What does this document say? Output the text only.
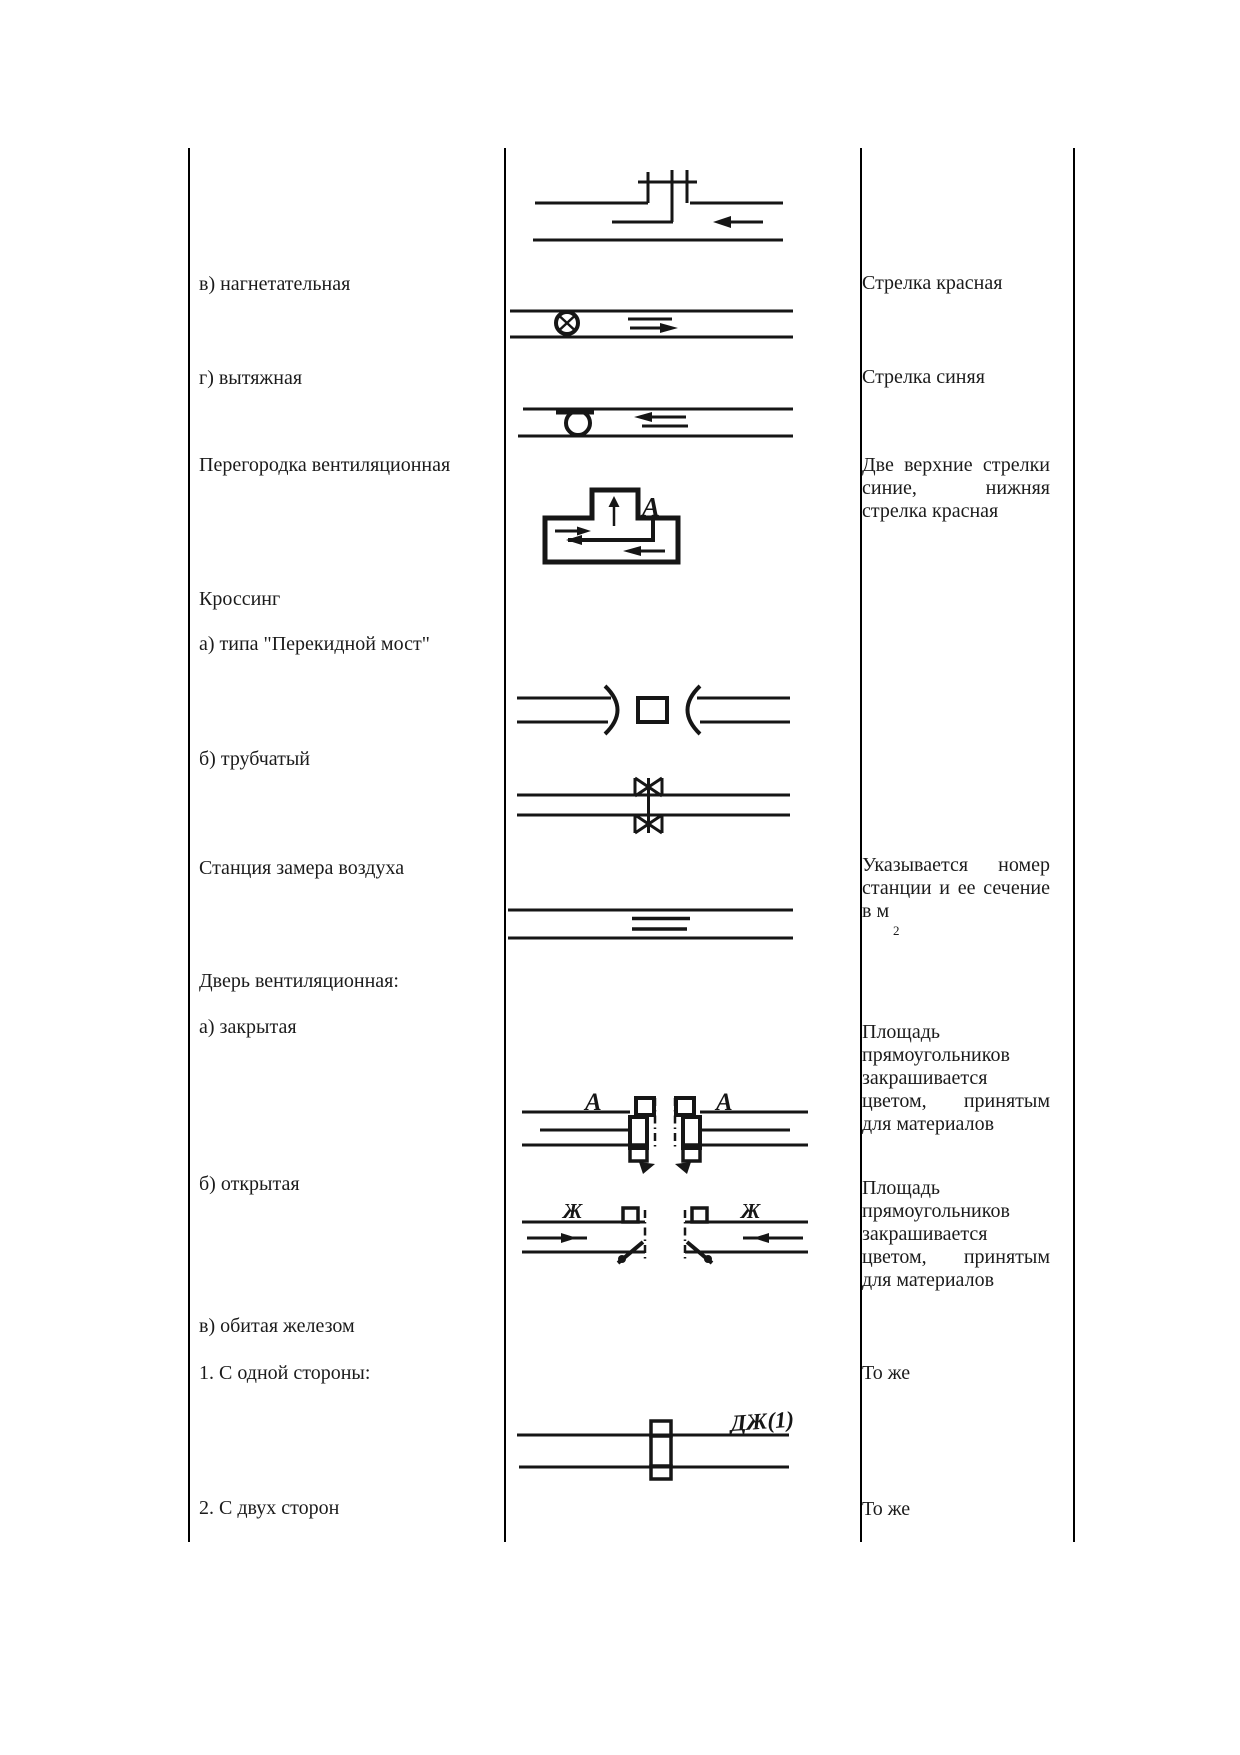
в) нагнетательная
г) вытяжная
Перегородка вентиляционная
Кроссинг
а) типа "Перекидной мост"
б) трубчатый
Станция замера воздуха
Дверь вентиляционная:
а) закрытая
б) открытая
в) обитая железом
1. С одной стороны:
2. С двух сторон
Стрелка красная
Стрелка синяя
Две верхние стрелки
синие, нижняя
стрелка красная
Указывается номер
станции и ее сечение
в м
2
Площадь
прямоугольников
закрашивается
цветом, принятым
для материалов
Площадь
прямоугольников
закрашивается
цветом, принятым
для материалов
То же
То же
А
А	А
Ж	Ж
ДЖ(1)
